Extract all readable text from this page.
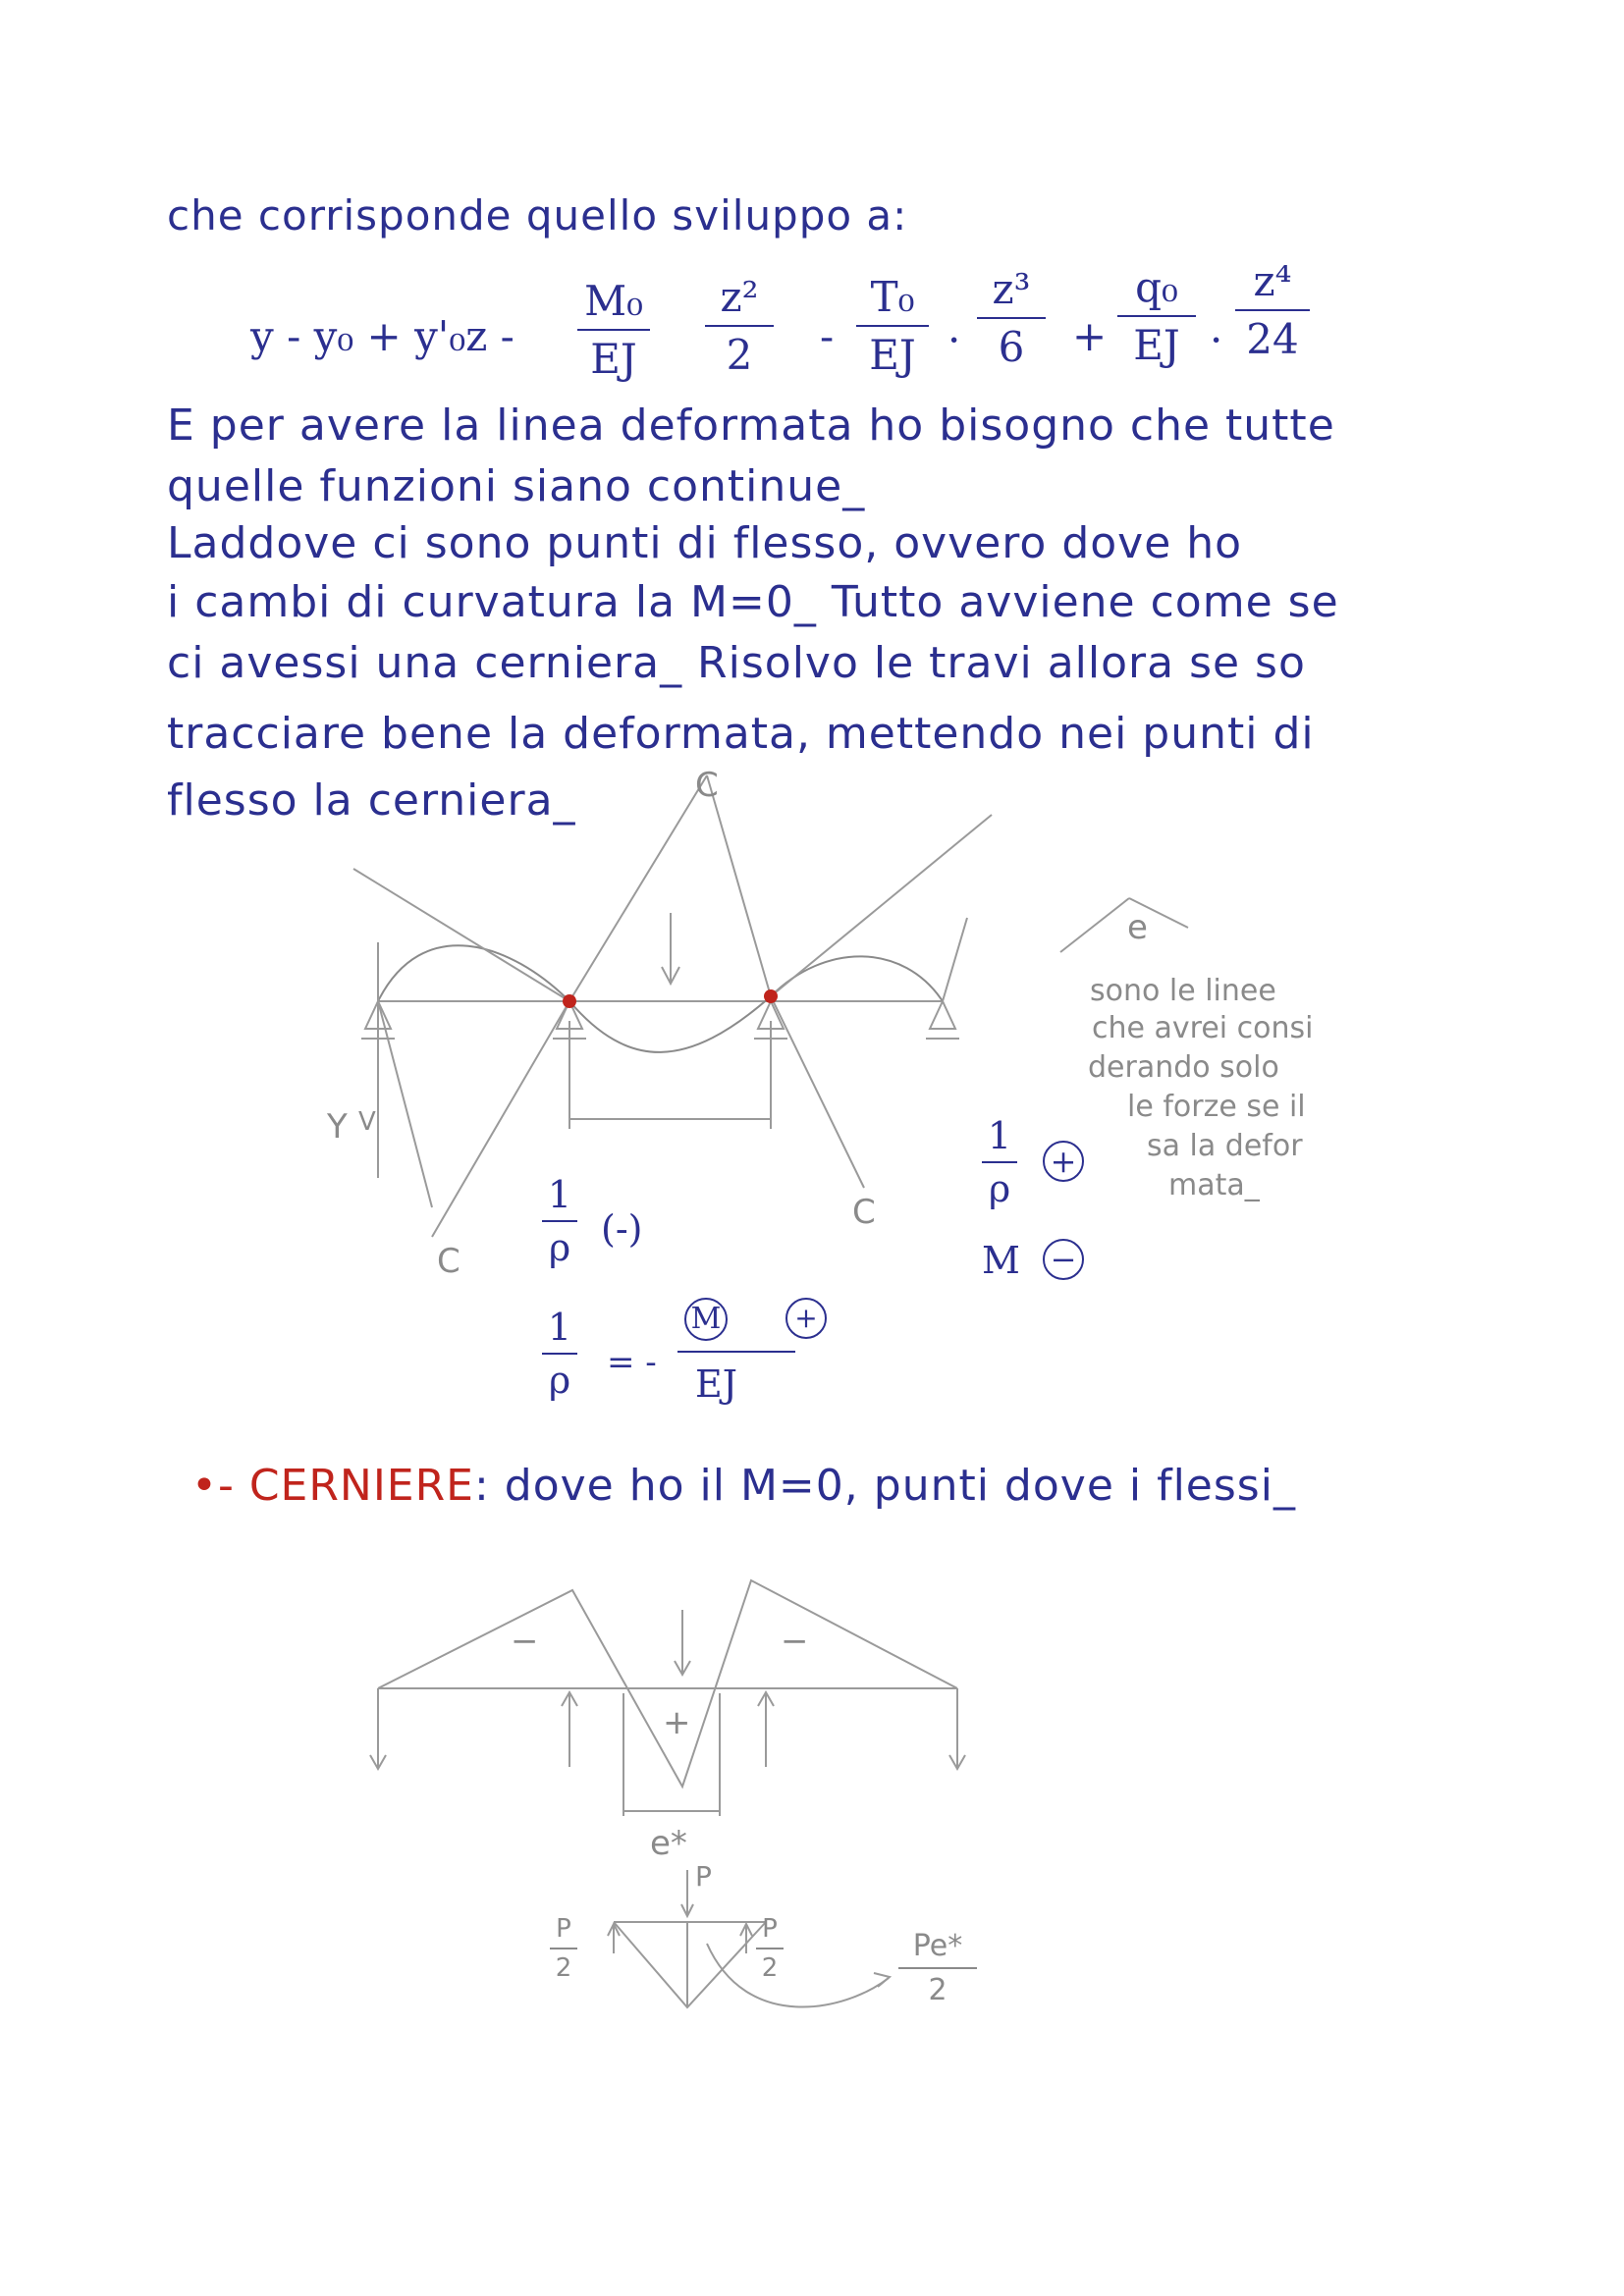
che corrisponde quello sviluppo a:
y - y₀ + y'₀z -
M₀
EJ
z²
2	-
T₀
EJ ·
z³
6	+
q₀
EJ ·
z⁴
24
E per avere la linea deformata ho bisogno che tutte
quelle funzioni siano continue_
Laddove ci sono punti di flesso, ovvero dove ho
i cambi di curvatura la M=0_ Tutto avviene come se
ci avessi una cerniera_ Risolvo le travi allora se so
tracciare bene la deformata, mettendo nei punti di
flesso la cerniera_	C
C
C
Y V
e
1
ρ (-)
1
ρ
+
M −
1
ρ = -
M	+
EJ
sono le linee
che avrei consi
derando solo
le forze se il
sa la defor
mata_
•- CERNIERE: dove ho il M=0, punti dove i flessi_
−	−
+
e*
P
P
2
P
2
Pe*
2
